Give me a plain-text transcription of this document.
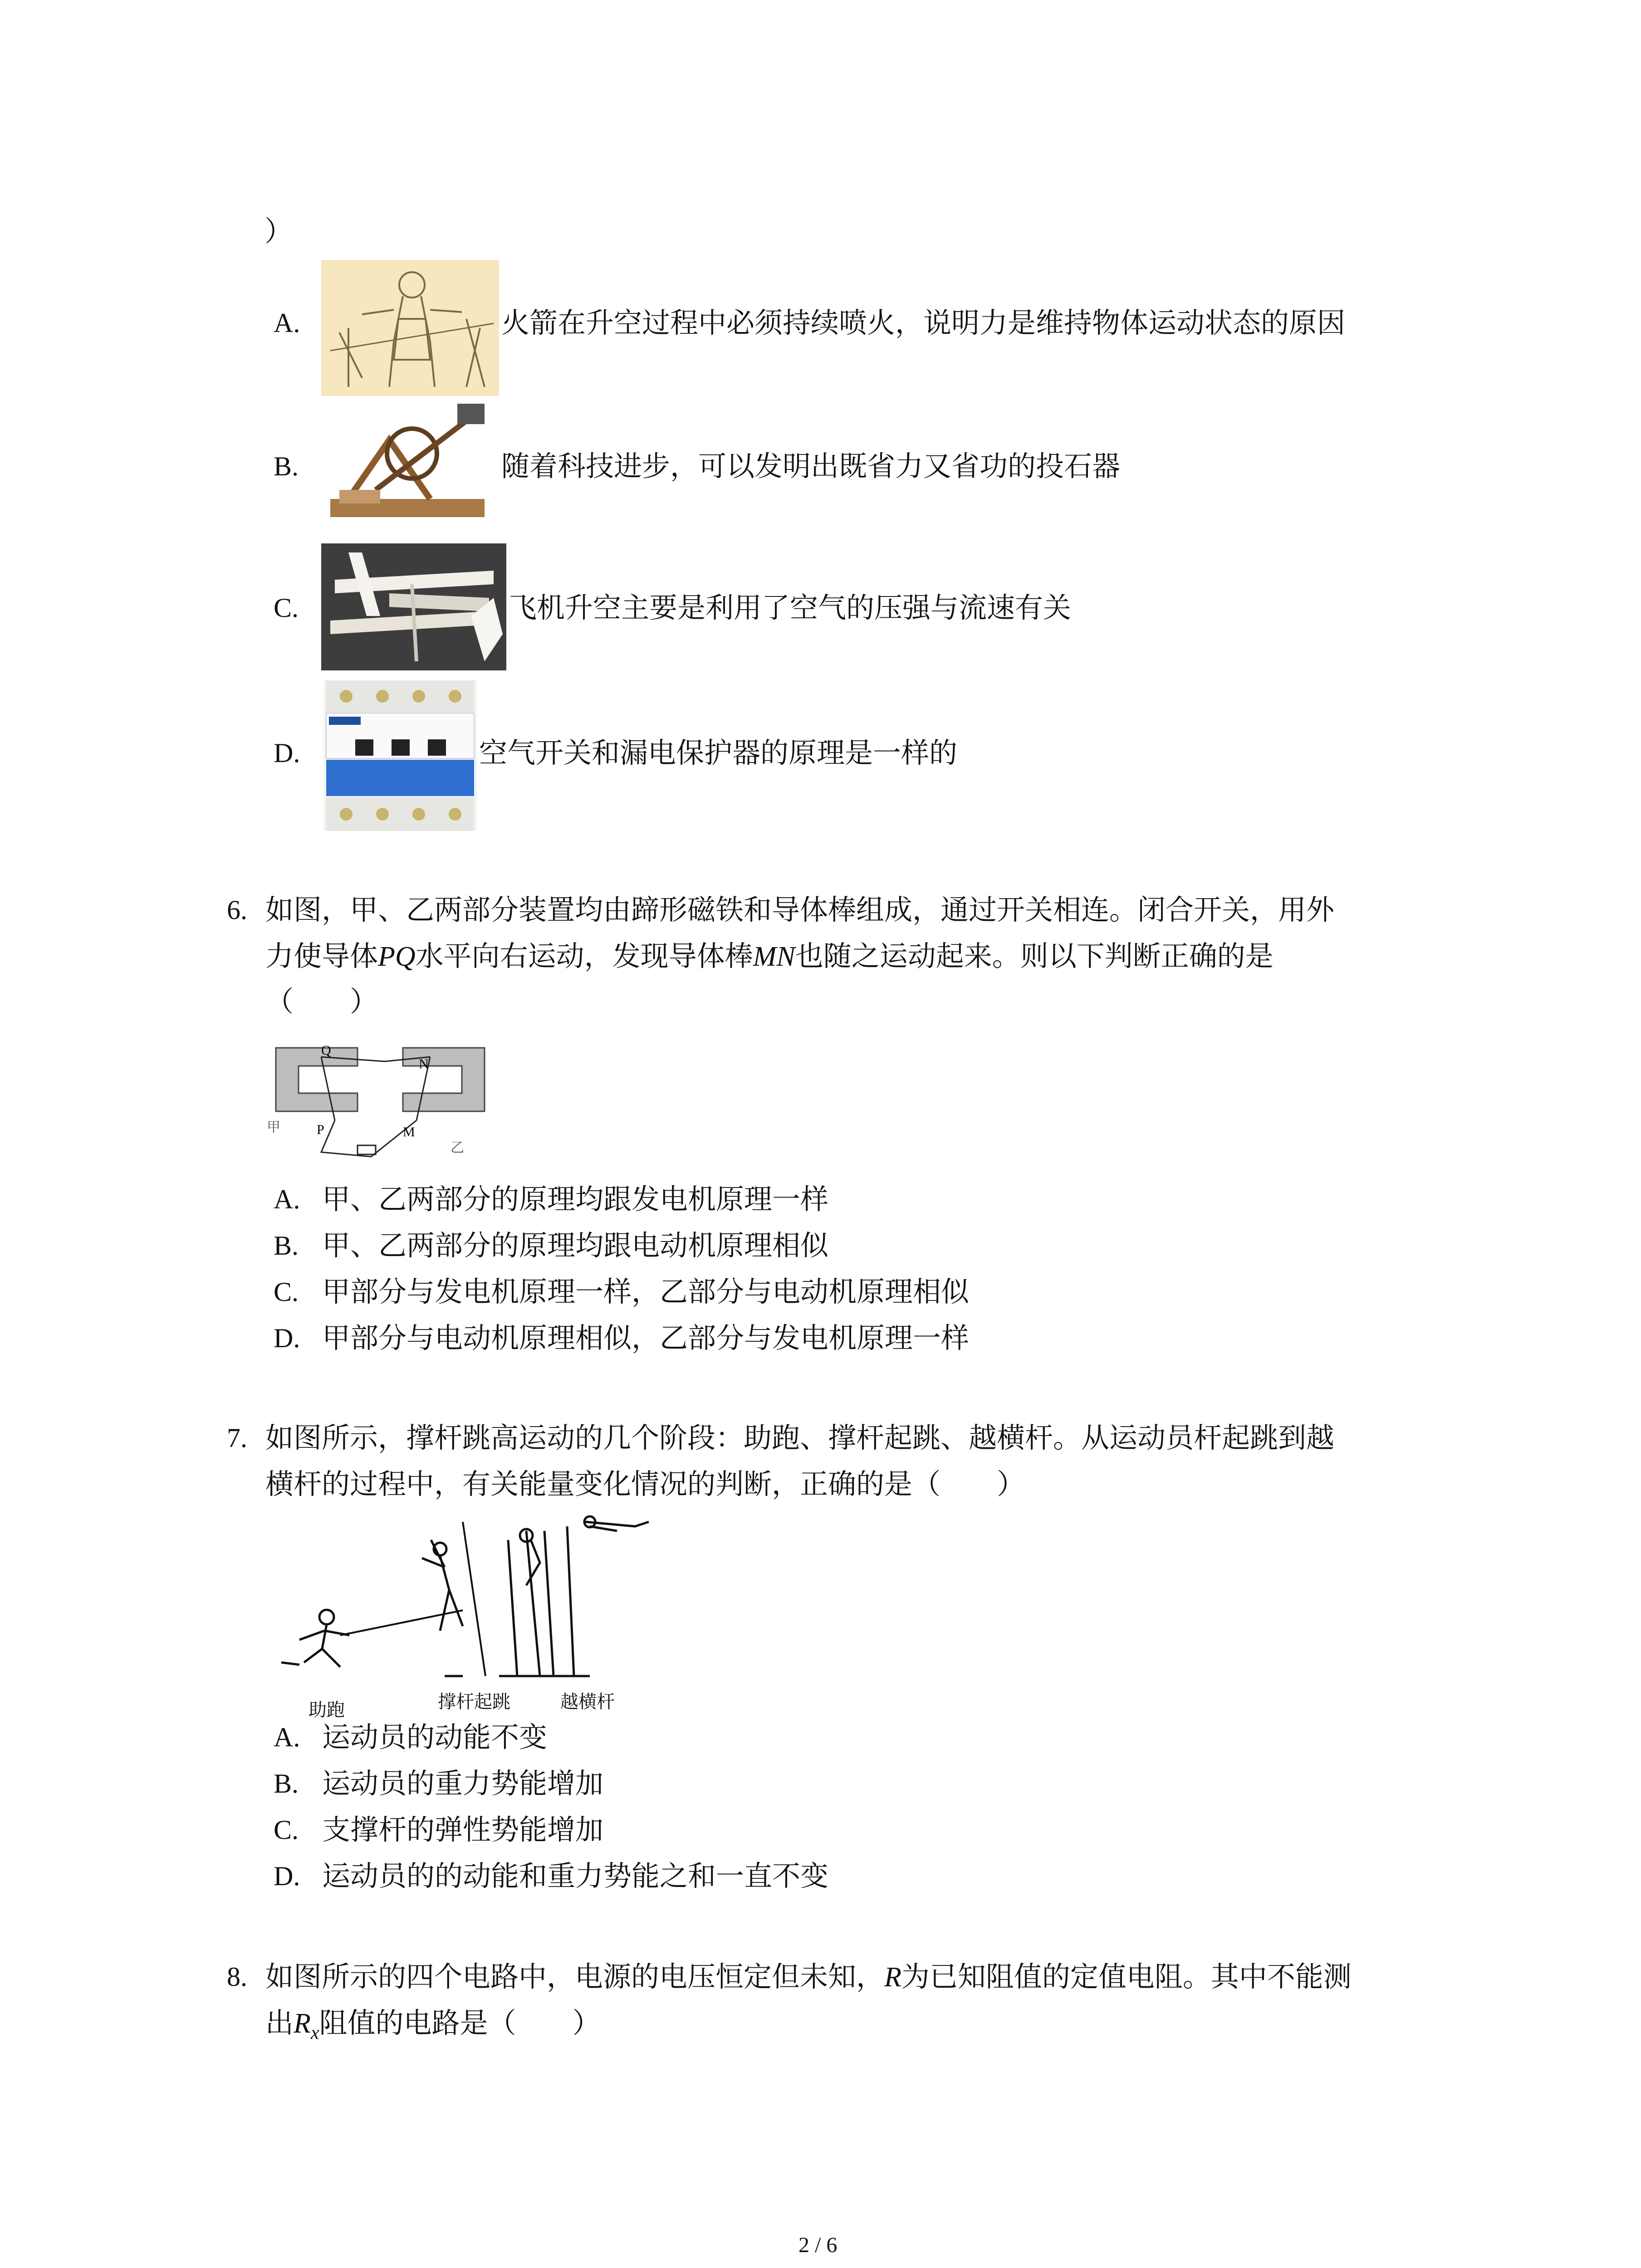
）
A.	火箭在升空过程中必须持续喷火，说明力是维持物体运动状态的原因
B.	随着科技进步，可以发明出既省力又省功的投石器
C.	飞机升空主要是利用了空气的压强与流速有关
D.	空气开关和漏电保护器的原理是一样的
6. 如图，甲、乙两部分装置均由蹄形磁铁和导体棒组成，通过开关相连。闭合开关，用外
力使导体PQ水平向右运动，发现导体棒MN也随之运动起来。则以下判断正确的是
（　　）
Q
N
P	M
甲
乙
A. 甲、乙两部分的原理均跟发电机原理一样
B. 甲、乙两部分的原理均跟电动机原理相似
C. 甲部分与发电机原理一样，乙部分与电动机原理相似
D. 甲部分与电动机原理相似，乙部分与发电机原理一样
7. 如图所示，撑杆跳高运动的几个阶段：助跑、撑杆起跳、越横杆。从运动员杆起跳到越
横杆的过程中，有关能量变化情况的判断，正确的是（　　）
助跑	撑杆起跳	越横杆
A. 运动员的动能不变
B. 运动员的重力势能增加
C. 支撑杆的弹性势能增加
D. 运动员的的动能和重力势能之和一直不变
8. 如图所示的四个电路中，电源的电压恒定但未知，R为已知阻值的定值电阻。其中不能测
出$R_x$阻值的电路是（　　）
2 / 6
